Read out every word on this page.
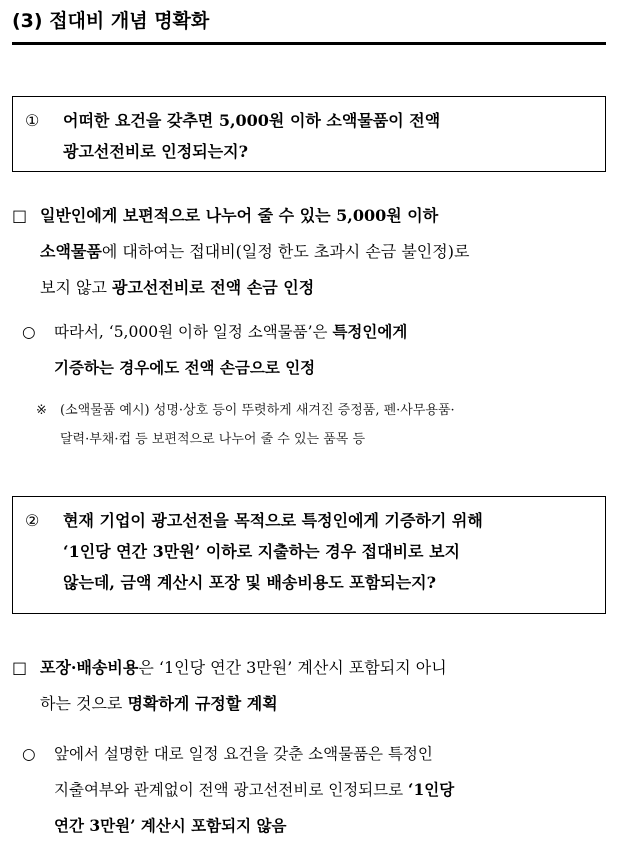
(3) 접대비 개념 명확화
① 어떠한 요건을 갖추면 5,000원 이하 소액물품이 전액
광고선전비로 인정되는지?
□ 일반인에게 보편적으로 나누어 줄 수 있는 5,000원 이하
소액물품에 대하여는 접대비(일정 한도 초과시 손금 불인정)로
보지 않고 광고선전비로 전액 손금 인정
○ 따라서, ‘5,000원 이하 일정 소액물품’은 특정인에게
기증하는 경우에도 전액 손금으로 인정
※ (소액물품 예시) 성명·상호 등이 뚜렷하게 새겨진 증정품, 펜·사무용품·
달력·부채·컵 등 보편적으로 나누어 줄 수 있는 품목 등
② 현재 기업이 광고선전을 목적으로 특정인에게 기증하기 위해
‘1인당 연간 3만원’ 이하로 지출하는 경우 접대비로 보지
않는데, 금액 계산시 포장 및 배송비용도 포함되는지?
□ 포장·배송비용은 ‘1인당 연간 3만원’ 계산시 포함되지 아니
하는 것으로 명확하게 규정할 계획
○ 앞에서 설명한 대로 일정 요건을 갖춘 소액물품은 특정인
지출여부와 관계없이 전액 광고선전비로 인정되므로 ‘1인당
연간 3만원’ 계산시 포함되지 않음
